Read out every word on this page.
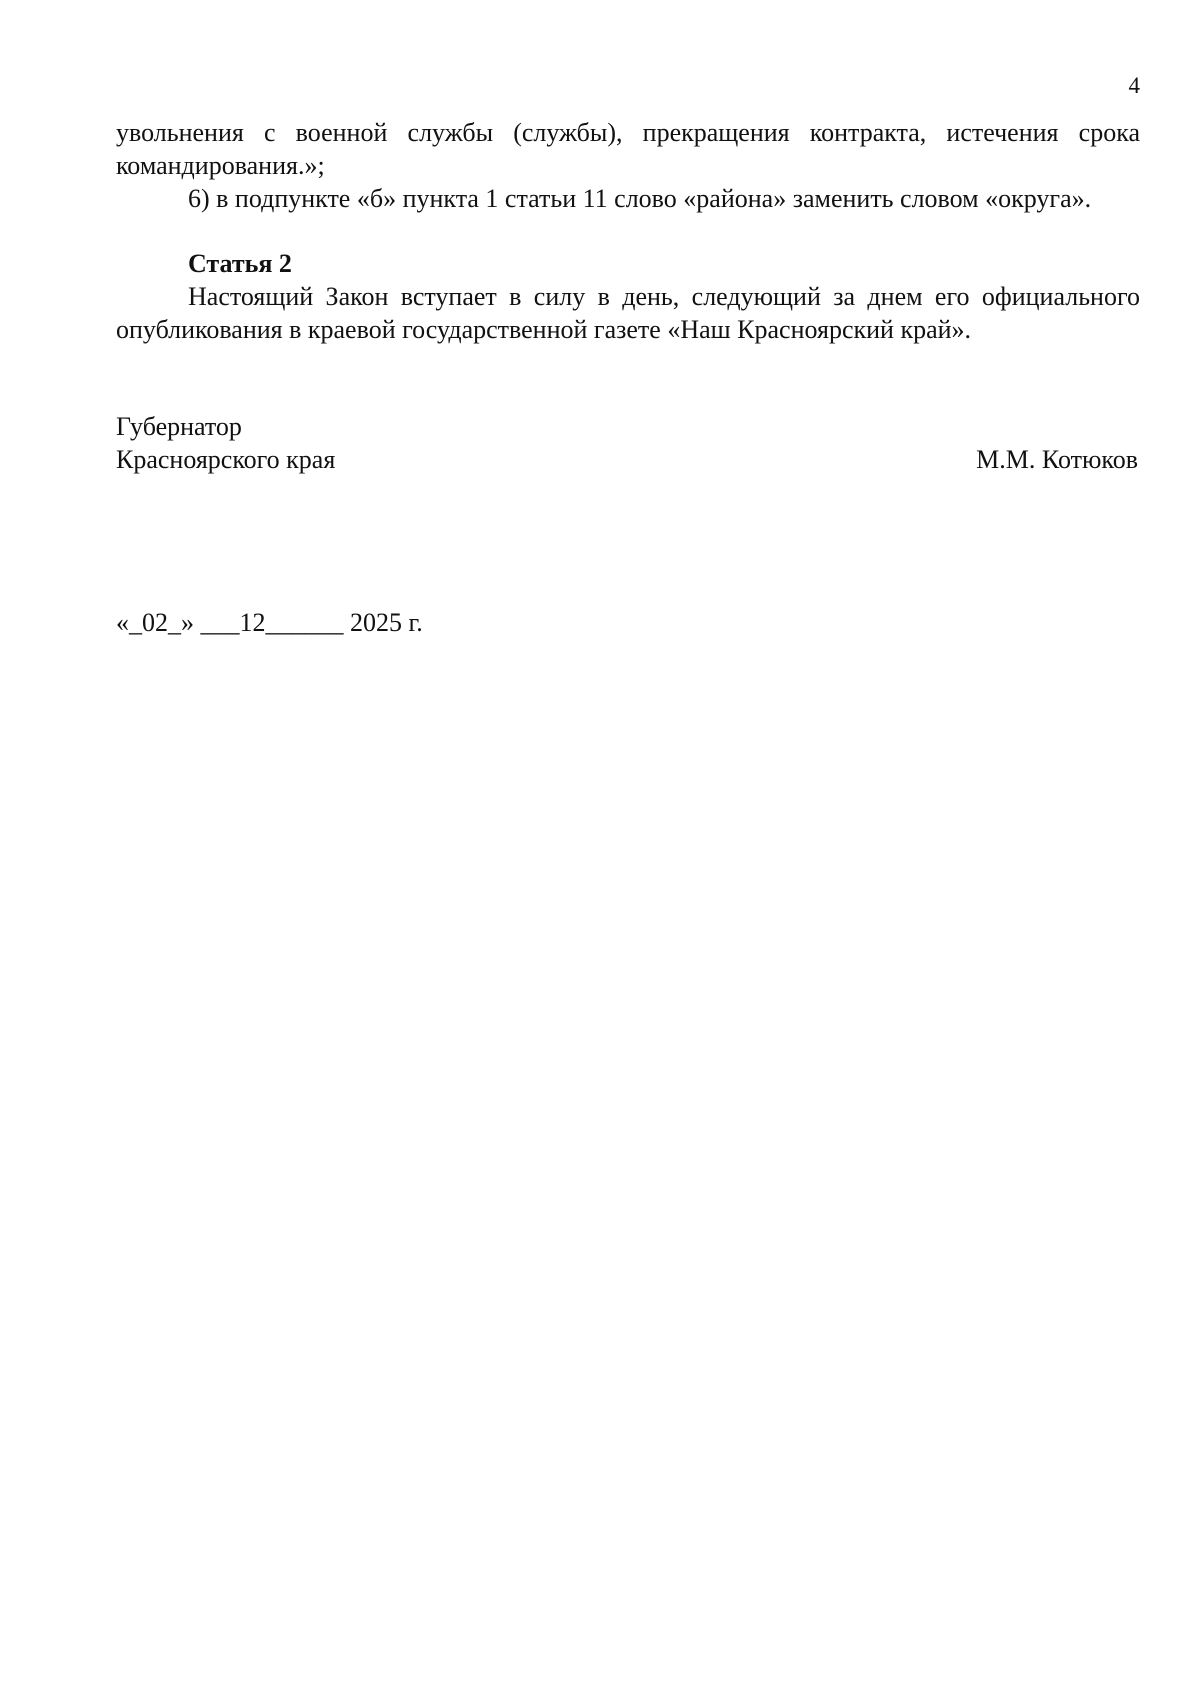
4

увольнения с военной службы (службы), прекращения контракта, истечения срока командирования.»;

6) в подпункте «б» пункта 1 статьи 11 слово «района» заменить словом «округа».

Статья 2

Настоящий Закон вступает в силу в день, следующий за днем его официального опубликования в краевой государственной газете «Наш Красноярский край».

Губернатор
Красноярского края	М.М. Котюков
«_02_» ___12______ 2025 г.
